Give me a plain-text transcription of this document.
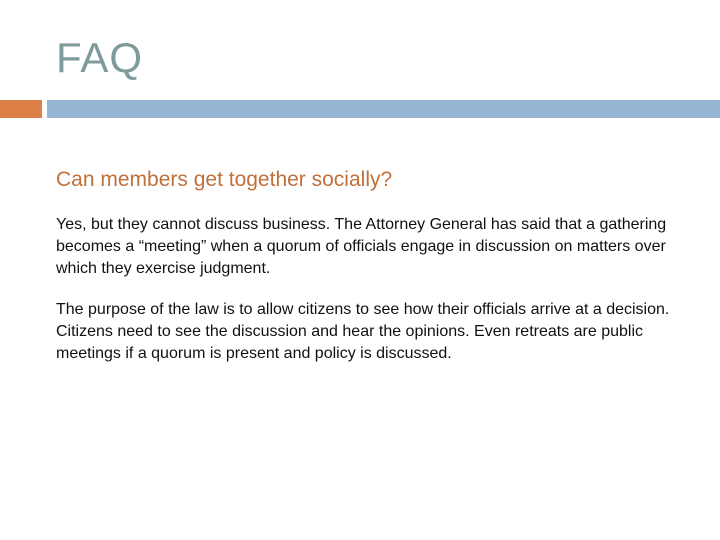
FAQ
Can members get together socially?

Yes, but they cannot discuss business. The Attorney General has said that a gathering becomes a “meeting” when a quorum of officials engage in discussion on matters over which they exercise judgment.

The purpose of the law is to allow citizens to see how their officials arrive at a decision. Citizens need to see the discussion and hear the opinions. Even retreats are public meetings if a quorum is present and policy is discussed.
